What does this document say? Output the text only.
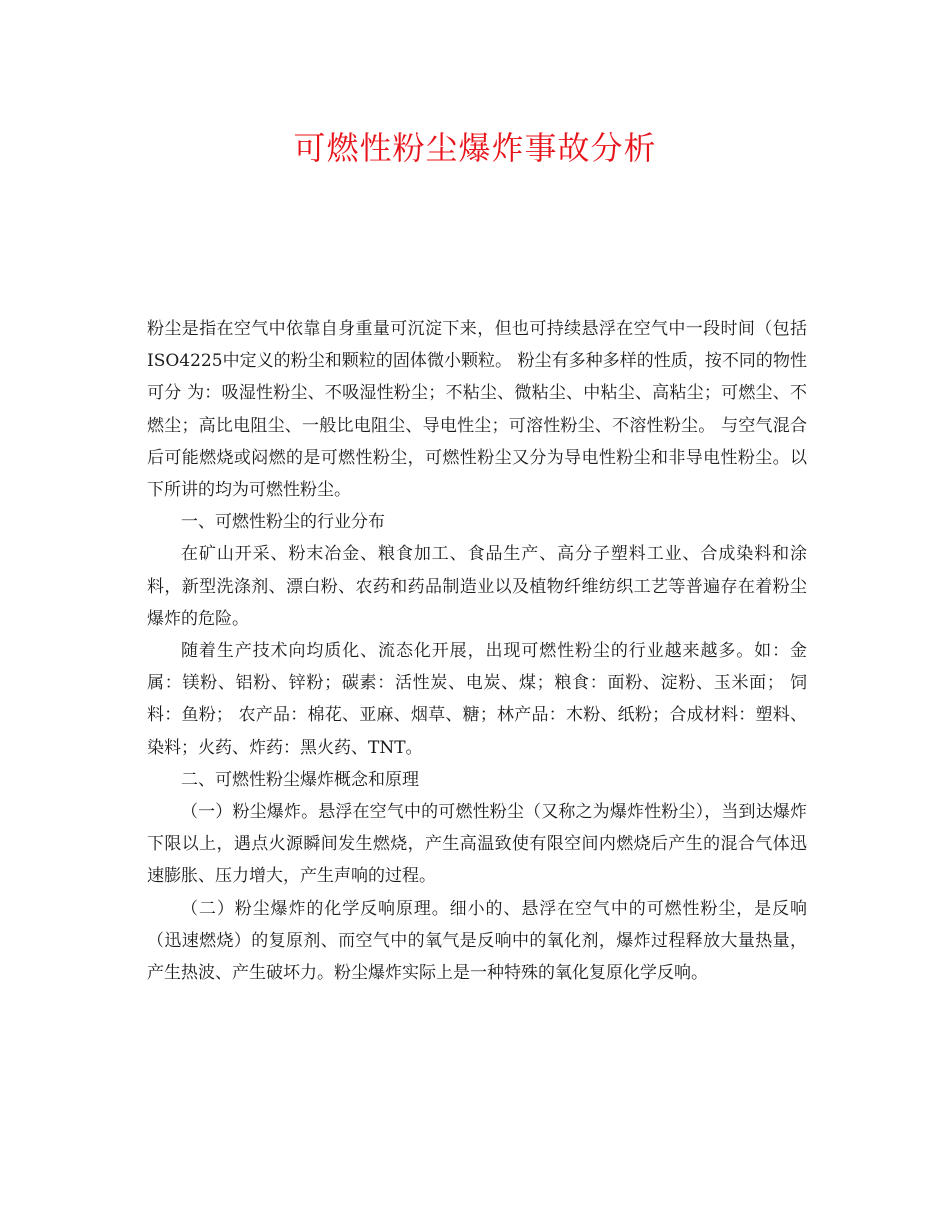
可燃性粉尘爆炸事故分析

粉尘是指在空气中依靠自身重量可沉淀下来，但也可持续悬浮在空气中一段时间（包括ISO4225中定义的粉尘和颗粒的固体微小颗粒。 粉尘有多种多样的性质，按不同的物性可分 为：吸湿性粉尘、不吸湿性粉尘；不粘尘、微粘尘、中粘尘、高粘尘；可燃尘、不燃尘；高比电阻尘、一般比电阻尘、导电性尘；可溶性粉尘、不溶性粉尘。 与空气混合后可能燃烧或闷燃的是可燃性粉尘，可燃性粉尘又分为导电性粉尘和非导电性粉尘。以下所讲的均为可燃性粉尘。

一、可燃性粉尘的行业分布

在矿山开采、粉末冶金、粮食加工、食品生产、高分子塑料工业、合成染料和涂料，新型洗涤剂、漂白粉、农药和药品制造业以及植物纤维纺织工艺等普遍存在着粉尘爆炸的危险。

随着生产技术向均质化、流态化开展，出现可燃性粉尘的行业越来越多。如：金属：镁粉、铝粉、锌粉；碳素：活性炭、电炭、煤；粮食：面粉、淀粉、玉米面； 饲料：鱼粉； 农产品：棉花、亚麻、烟草、糖；林产品：木粉、纸粉；合成材料：塑料、染料；火药、炸药：黑火药、TNT。

二、可燃性粉尘爆炸概念和原理

（一）粉尘爆炸。悬浮在空气中的可燃性粉尘（又称之为爆炸性粉尘），当到达爆炸下限以上，遇点火源瞬间发生燃烧，产生高温致使有限空间内燃烧后产生的混合气体迅速膨胀、压力增大，产生声响的过程。

（二）粉尘爆炸的化学反响原理。细小的、悬浮在空气中的可燃性粉尘，是反响（迅速燃烧）的复原剂、而空气中的氧气是反响中的氧化剂，爆炸过程释放大量热量，产生热波、产生破坏力。粉尘爆炸实际上是一种特殊的氧化复原化学反响。
